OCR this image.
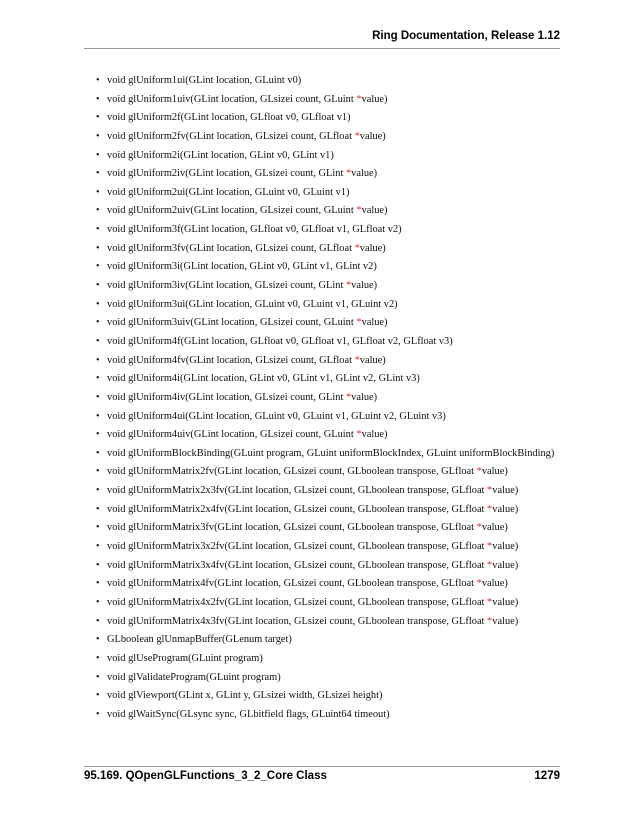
Ring Documentation, Release 1.12
• void glUniform1ui(GLint location, GLuint v0)
• void glUniform1uiv(GLint location, GLsizei count, GLuint *value)
• void glUniform2f(GLint location, GLfloat v0, GLfloat v1)
• void glUniform2fv(GLint location, GLsizei count, GLfloat *value)
• void glUniform2i(GLint location, GLint v0, GLint v1)
• void glUniform2iv(GLint location, GLsizei count, GLint *value)
• void glUniform2ui(GLint location, GLuint v0, GLuint v1)
• void glUniform2uiv(GLint location, GLsizei count, GLuint *value)
• void glUniform3f(GLint location, GLfloat v0, GLfloat v1, GLfloat v2)
• void glUniform3fv(GLint location, GLsizei count, GLfloat *value)
• void glUniform3i(GLint location, GLint v0, GLint v1, GLint v2)
• void glUniform3iv(GLint location, GLsizei count, GLint *value)
• void glUniform3ui(GLint location, GLuint v0, GLuint v1, GLuint v2)
• void glUniform3uiv(GLint location, GLsizei count, GLuint *value)
• void glUniform4f(GLint location, GLfloat v0, GLfloat v1, GLfloat v2, GLfloat v3)
• void glUniform4fv(GLint location, GLsizei count, GLfloat *value)
• void glUniform4i(GLint location, GLint v0, GLint v1, GLint v2, GLint v3)
• void glUniform4iv(GLint location, GLsizei count, GLint *value)
• void glUniform4ui(GLint location, GLuint v0, GLuint v1, GLuint v2, GLuint v3)
• void glUniform4uiv(GLint location, GLsizei count, GLuint *value)
• void glUniformBlockBinding(GLuint program, GLuint uniformBlockIndex, GLuint uniformBlockBinding)
• void glUniformMatrix2fv(GLint location, GLsizei count, GLboolean transpose, GLfloat *value)
• void glUniformMatrix2x3fv(GLint location, GLsizei count, GLboolean transpose, GLfloat *value)
• void glUniformMatrix2x4fv(GLint location, GLsizei count, GLboolean transpose, GLfloat *value)
• void glUniformMatrix3fv(GLint location, GLsizei count, GLboolean transpose, GLfloat *value)
• void glUniformMatrix3x2fv(GLint location, GLsizei count, GLboolean transpose, GLfloat *value)
• void glUniformMatrix3x4fv(GLint location, GLsizei count, GLboolean transpose, GLfloat *value)
• void glUniformMatrix4fv(GLint location, GLsizei count, GLboolean transpose, GLfloat *value)
• void glUniformMatrix4x2fv(GLint location, GLsizei count, GLboolean transpose, GLfloat *value)
• void glUniformMatrix4x3fv(GLint location, GLsizei count, GLboolean transpose, GLfloat *value)
• GLboolean glUnmapBuffer(GLenum target)
• void glUseProgram(GLuint program)
• void glValidateProgram(GLuint program)
• void glViewport(GLint x, GLint y, GLsizei width, GLsizei height)
• void glWaitSync(GLsync sync, GLbitfield flags, GLuint64 timeout)
95.169. QOpenGLFunctions_3_2_Core Class	1279
